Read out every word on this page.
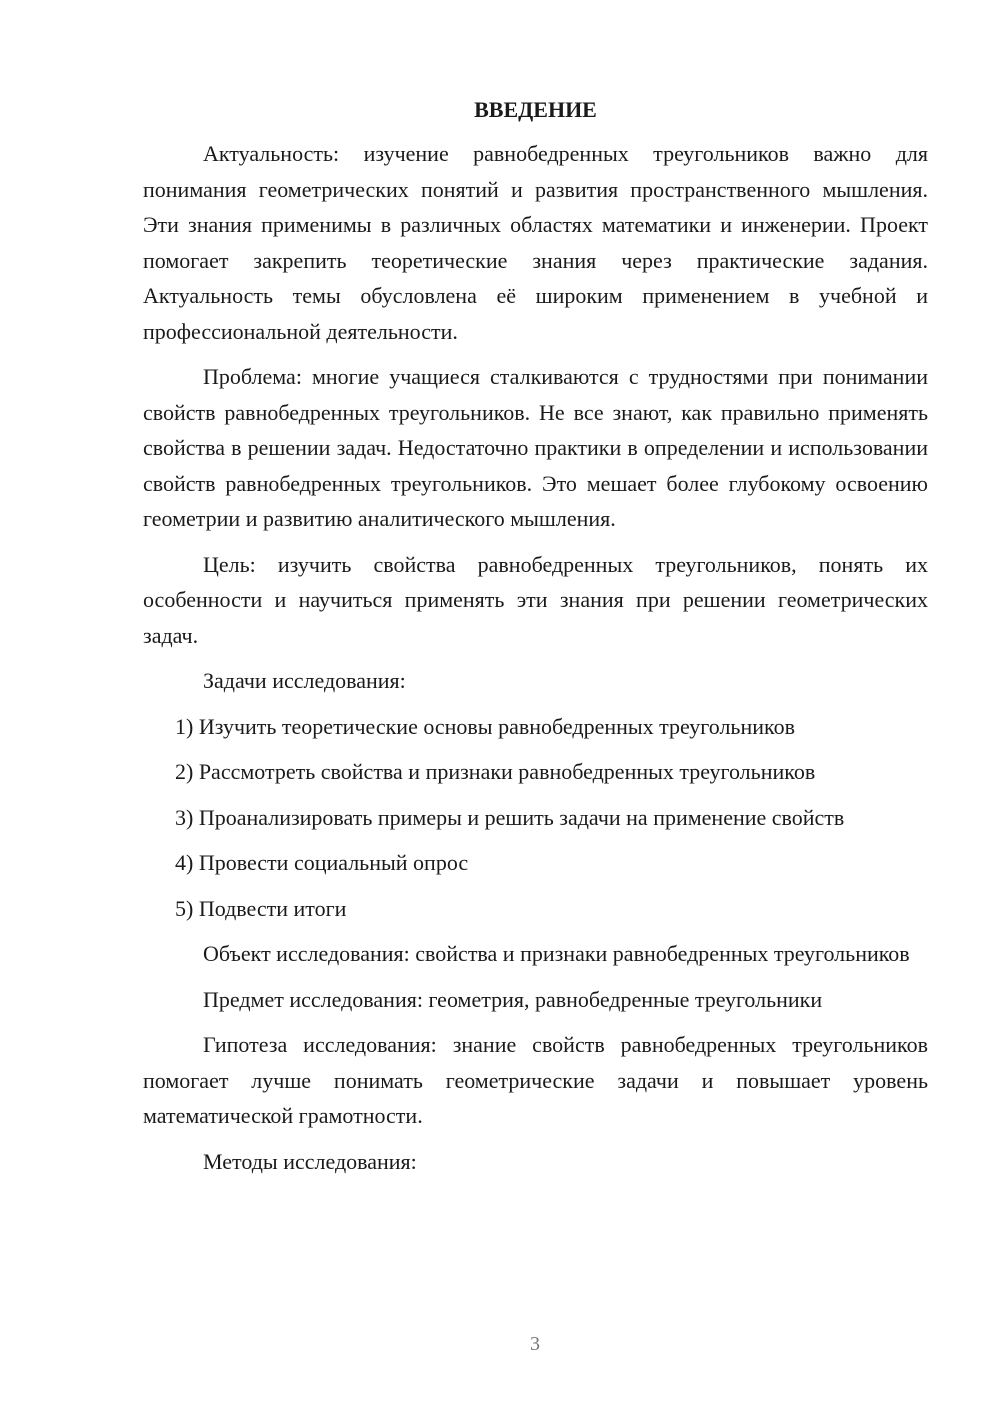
ВВЕДЕНИЕ

Актуальность: изучение равнобедренных треугольников важно для понимания геометрических понятий и развития пространственного мышления. Эти знания применимы в различных областях математики и инженерии. Проект помогает закрепить теоретические знания через практические задания. Актуальность темы обусловлена её широким применением в учебной и профессиональной деятельности.

Проблема: многие учащиеся сталкиваются с трудностями при понимании свойств равнобедренных треугольников. Не все знают, как правильно применять свойства в решении задач. Недостаточно практики в определении и использовании свойств равнобедренных треугольников. Это мешает более глубокому освоению геометрии и развитию аналитического мышления.

Цель: изучить свойства равнобедренных треугольников, понять их особенности и научиться применять эти знания при решении геометрических задач.

Задачи исследования:

1) Изучить теоретические основы равнобедренных треугольников

2) Рассмотреть свойства и признаки равнобедренных треугольников

3) Проанализировать примеры и решить задачи на применение свойств

4) Провести социальный опрос

5) Подвести итоги

Объект исследования: свойства и признаки равнобедренных треугольников

Предмет исследования: геометрия, равнобедренные треугольники

Гипотеза исследования: знание свойств равнобедренных треугольников помогает лучше понимать геометрические задачи и повышает уровень математической грамотности.

Методы исследования:

3
